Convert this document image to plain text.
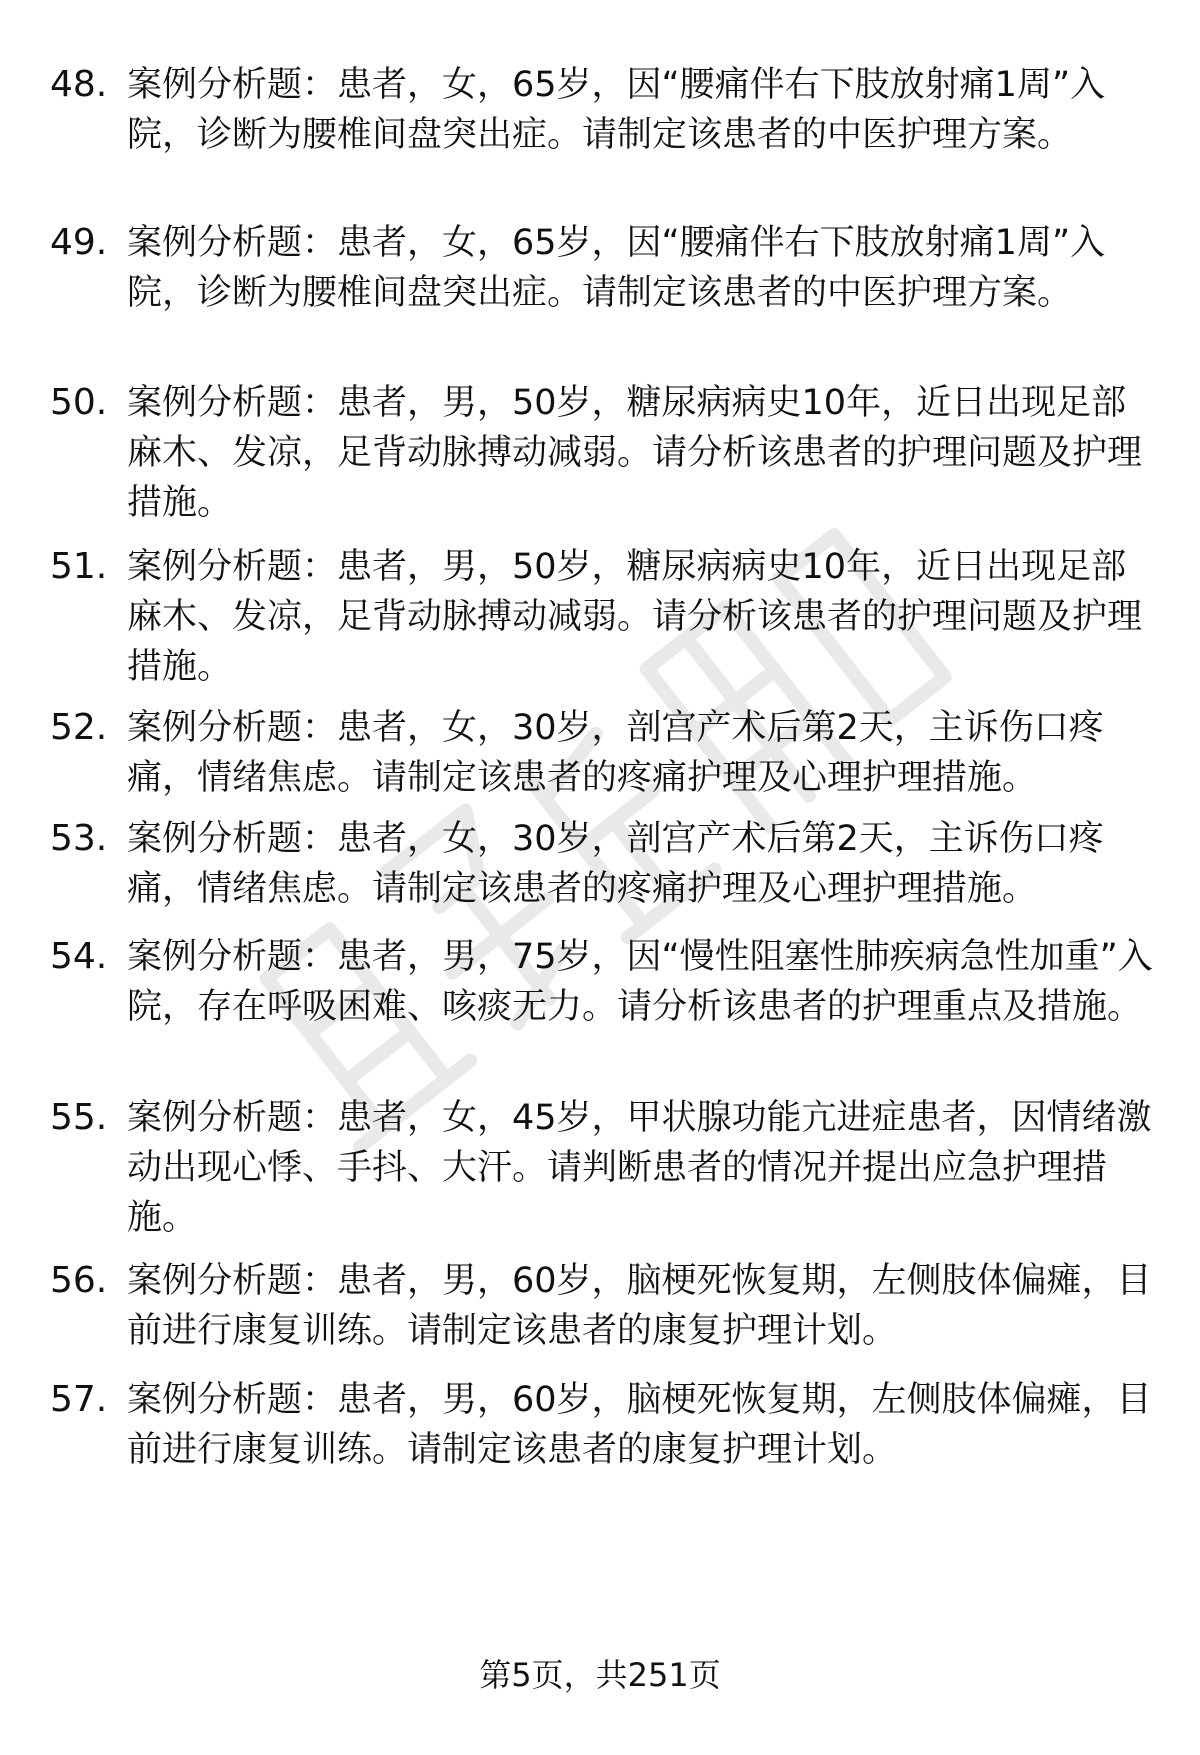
48. 案例分析题：患者，女，65岁，因“腰痛伴右下肢放射痛1周”入院，诊断为腰椎间盘突出症。请制定该患者的中医护理方案。

49. 案例分析题：患者，女，65岁，因“腰痛伴右下肢放射痛1周”入院，诊断为腰椎间盘突出症。请制定该患者的中医护理方案。

50. 案例分析题：患者，男，50岁，糖尿病病史10年，近日出现足部麻木、发凉，足背动脉搏动减弱。请分析该患者的护理问题及护理措施。

51. 案例分析题：患者，男，50岁，糖尿病病史10年，近日出现足部麻木、发凉，足背动脉搏动减弱。请分析该患者的护理问题及护理措施。

52. 案例分析题：患者，女，30岁，剖宫产术后第2天，主诉伤口疼痛，情绪焦虑。请制定该患者的疼痛护理及心理护理措施。

53. 案例分析题：患者，女，30岁，剖宫产术后第2天，主诉伤口疼痛，情绪焦虑。请制定该患者的疼痛护理及心理护理措施。

54. 案例分析题：患者，男，75岁，因“慢性阻塞性肺疾病急性加重”入院，存在呼吸困难、咳痰无力。请分析该患者的护理重点及措施。

55. 案例分析题：患者，女，45岁，甲状腺功能亢进症患者，因情绪激动出现心悸、手抖、大汗。请判断患者的情况并提出应急护理措施。

56. 案例分析题：患者，男，60岁，脑梗死恢复期，左侧肢体偏瘫，目前进行康复训练。请制定该患者的康复护理计划。

57. 案例分析题：患者，男，60岁，脑梗死恢复期，左侧肢体偏瘫，目前进行康复训练。请制定该患者的康复护理计划。

第5页，共251页
